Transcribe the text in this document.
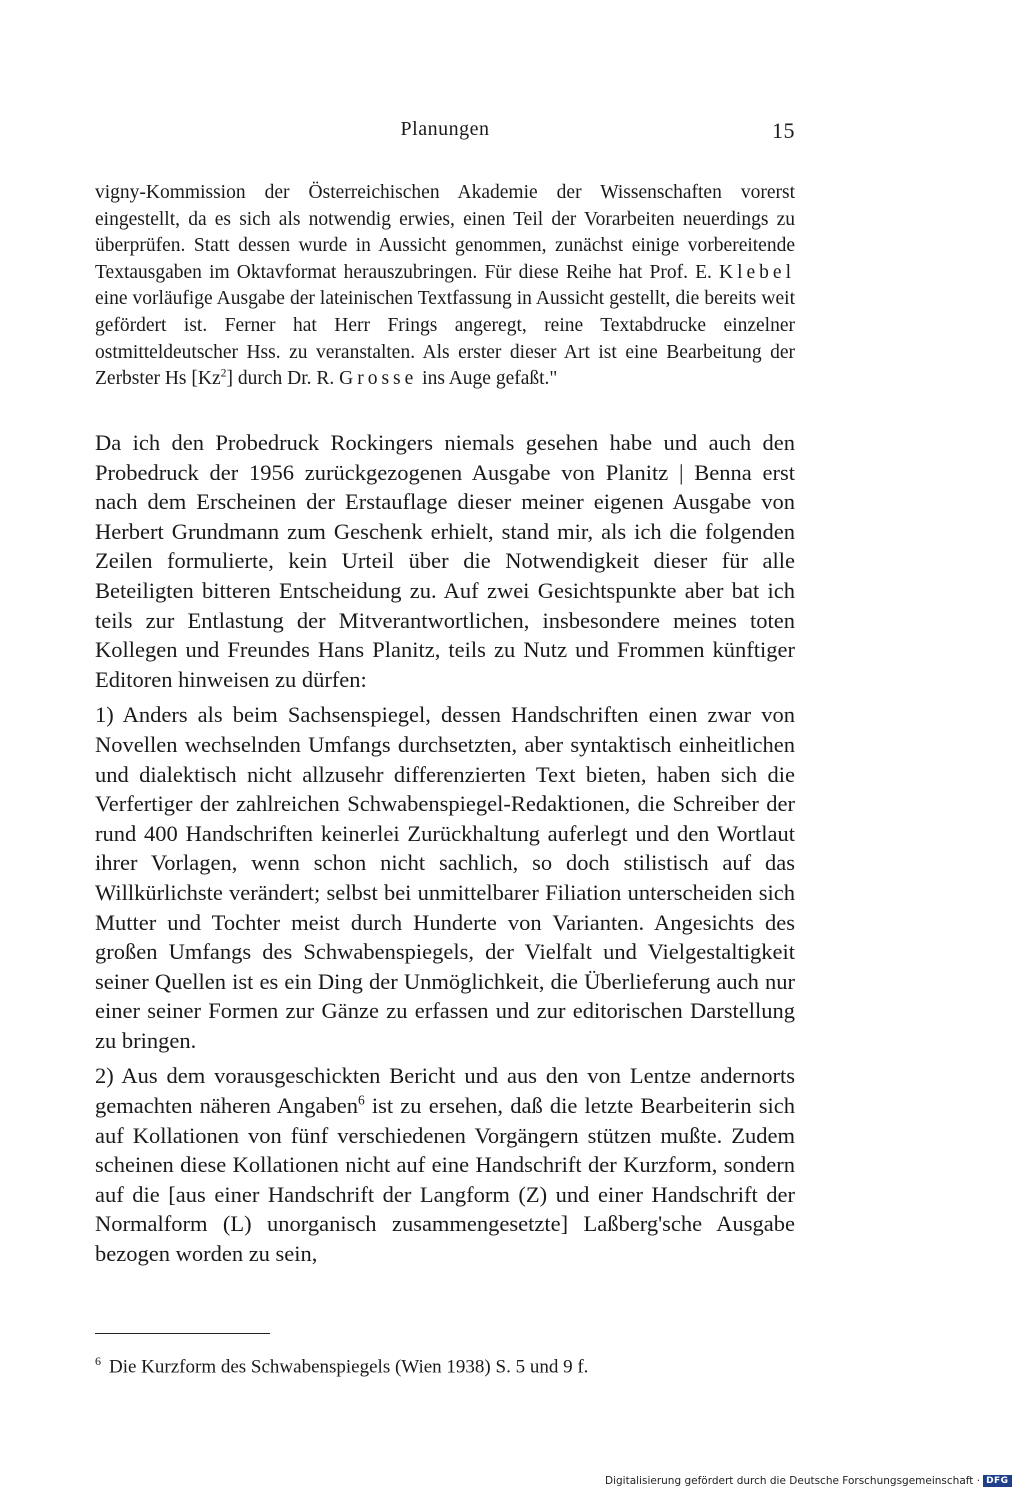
Planungen	15

vigny-Kommission der Österreichischen Akademie der Wissenschaften vorerst eingestellt, da es sich als notwendig erwies, einen Teil der Vorarbeiten neuerdings zu überprüfen. Statt dessen wurde in Aussicht genommen, zunächst einige vorbereitende Textausgaben im Oktavformat herauszubringen. Für diese Reihe hat Prof. E. Klebel eine vorläufige Ausgabe der lateinischen Textfassung in Aussicht gestellt, die bereits weit gefördert ist. Ferner hat Herr Frings angeregt, reine Textabdrucke einzelner ostmitteldeutscher Hss. zu veranstalten. Als erster dieser Art ist eine Bearbeitung der Zerbster Hs [Kz$^2$] durch Dr. R. Grosse ins Auge gefaßt."

Da ich den Probedruck Rockingers niemals gesehen habe und auch den Probedruck der 1956 zurückgezogenen Ausgabe von Planitz | Benna erst nach dem Erscheinen der Erstauflage dieser meiner eigenen Ausgabe von Herbert Grundmann zum Geschenk erhielt, stand mir, als ich die folgenden Zeilen formulierte, kein Urteil über die Notwendigkeit dieser für alle Beteiligten bitteren Entscheidung zu. Auf zwei Gesichtspunkte aber bat ich teils zur Entlastung der Mitverantwortlichen, insbesondere meines toten Kollegen und Freundes Hans Planitz, teils zu Nutz und Frommen künftiger Editoren hinweisen zu dürfen:

1) Anders als beim Sachsenspiegel, dessen Handschriften einen zwar von Novellen wechselnden Umfangs durchsetzten, aber syntaktisch einheitlichen und dialektisch nicht allzusehr differenzierten Text bieten, haben sich die Verfertiger der zahlreichen Schwabenspiegel-Redaktionen, die Schreiber der rund 400 Handschriften keinerlei Zurückhaltung auferlegt und den Wortlaut ihrer Vorlagen, wenn schon nicht sachlich, so doch stilistisch auf das Willkürlichste verändert; selbst bei unmittelbarer Filiation unterscheiden sich Mutter und Tochter meist durch Hunderte von Varianten. Angesichts des großen Umfangs des Schwabenspiegels, der Vielfalt und Vielgestaltigkeit seiner Quellen ist es ein Ding der Unmöglichkeit, die Überlieferung auch nur einer seiner Formen zur Gänze zu erfassen und zur editorischen Darstellung zu bringen.

2) Aus dem vorausgeschickten Bericht und aus den von Lentze andernorts gemachten näheren Angaben$^6$ ist zu ersehen, daß die letzte Bearbeiterin sich auf Kollationen von fünf verschiedenen Vorgängern stützen mußte. Zudem scheinen diese Kollationen nicht auf eine Handschrift der Kurzform, sondern auf die [aus einer Handschrift der Langform (Z) und einer Handschrift der Normalform (L) unorganisch zusammengesetzte] Laßberg'sche Ausgabe bezogen worden zu sein,

$^6$ Die Kurzform des Schwabenspiegels (Wien 1938) S. 5 und 9 f.
Digitalisierung gefördert durch die Deutsche Forschungsgemeinschaft · DFG
